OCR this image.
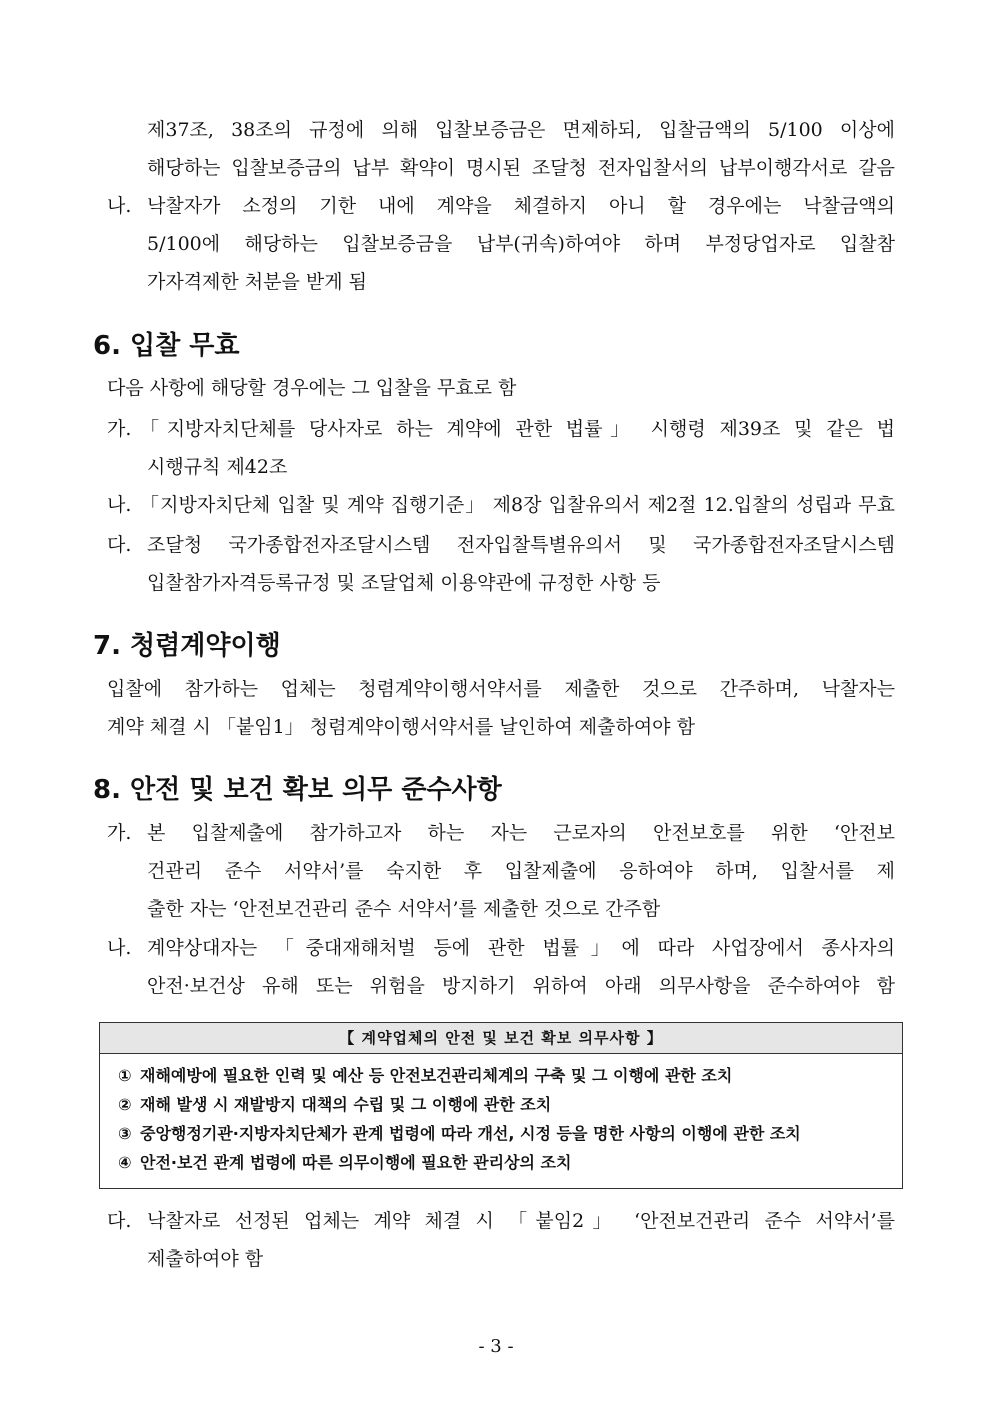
제37조, 38조의 규정에 의해 입찰보증금은 면제하되, 입찰금액의 5/100 이상에
해당하는 입찰보증금의 납부 확약이 명시된 조달청 전자입찰서의 납부이행각서로 갈음
나. 낙찰자가 소정의 기한 내에 계약을 체결하지 아니 할 경우에는 낙찰금액의
5/100에 해당하는 입찰보증금을 납부(귀속)하여야 하며 부정당업자로 입찰참
가자격제한 처분을 받게 됨
6. 입찰 무효
다음 사항에 해당할 경우에는 그 입찰을 무효로 함
가. 「지방자치단체를 당사자로 하는 계약에 관한 법률」 시행령 제39조 및 같은 법
시행규칙 제42조
나. 「지방자치단체 입찰 및 계약 집행기준」 제8장 입찰유의서 제2절 12.입찰의 성립과 무효
다. 조달청 국가종합전자조달시스템 전자입찰특별유의서 및 국가종합전자조달시스템
입찰참가자격등록규정 및 조달업체 이용약관에 규정한 사항 등
7. 청렴계약이행
입찰에 참가하는 업체는 청렴계약이행서약서를 제출한 것으로 간주하며, 낙찰자는
계약 체결 시 「붙임1」 청렴계약이행서약서를 날인하여 제출하여야 함
8. 안전 및 보건 확보 의무 준수사항
가. 본 입찰제출에 참가하고자 하는 자는 근로자의 안전보호를 위한 ‘안전보
건관리 준수 서약서’를 숙지한 후 입찰제출에 응하여야 하며, 입찰서를 제
출한 자는 ‘안전보건관리 준수 서약서’를 제출한 것으로 간주함
나. 계약상대자는 「중대재해처벌 등에 관한 법률」에 따라 사업장에서 종사자의
안전·보건상 유해 또는 위험을 방지하기 위하여 아래 의무사항을 준수하여야 함
【 계약업체의 안전 및 보건 확보 의무사항 】
① 재해예방에 필요한 인력 및 예산 등 안전보건관리체계의 구축 및 그 이행에 관한 조치
② 재해 발생 시 재발방지 대책의 수립 및 그 이행에 관한 조치
③ 중앙행정기관·지방자치단체가 관계 법령에 따라 개선, 시정 등을 명한 사항의 이행에 관한 조치
④ 안전·보건 관계 법령에 따른 의무이행에 필요한 관리상의 조치
다. 낙찰자로 선정된 업체는 계약 체결 시 「붙임2」 ‘안전보건관리 준수 서약서’를
제출하여야 함
- 3 -
